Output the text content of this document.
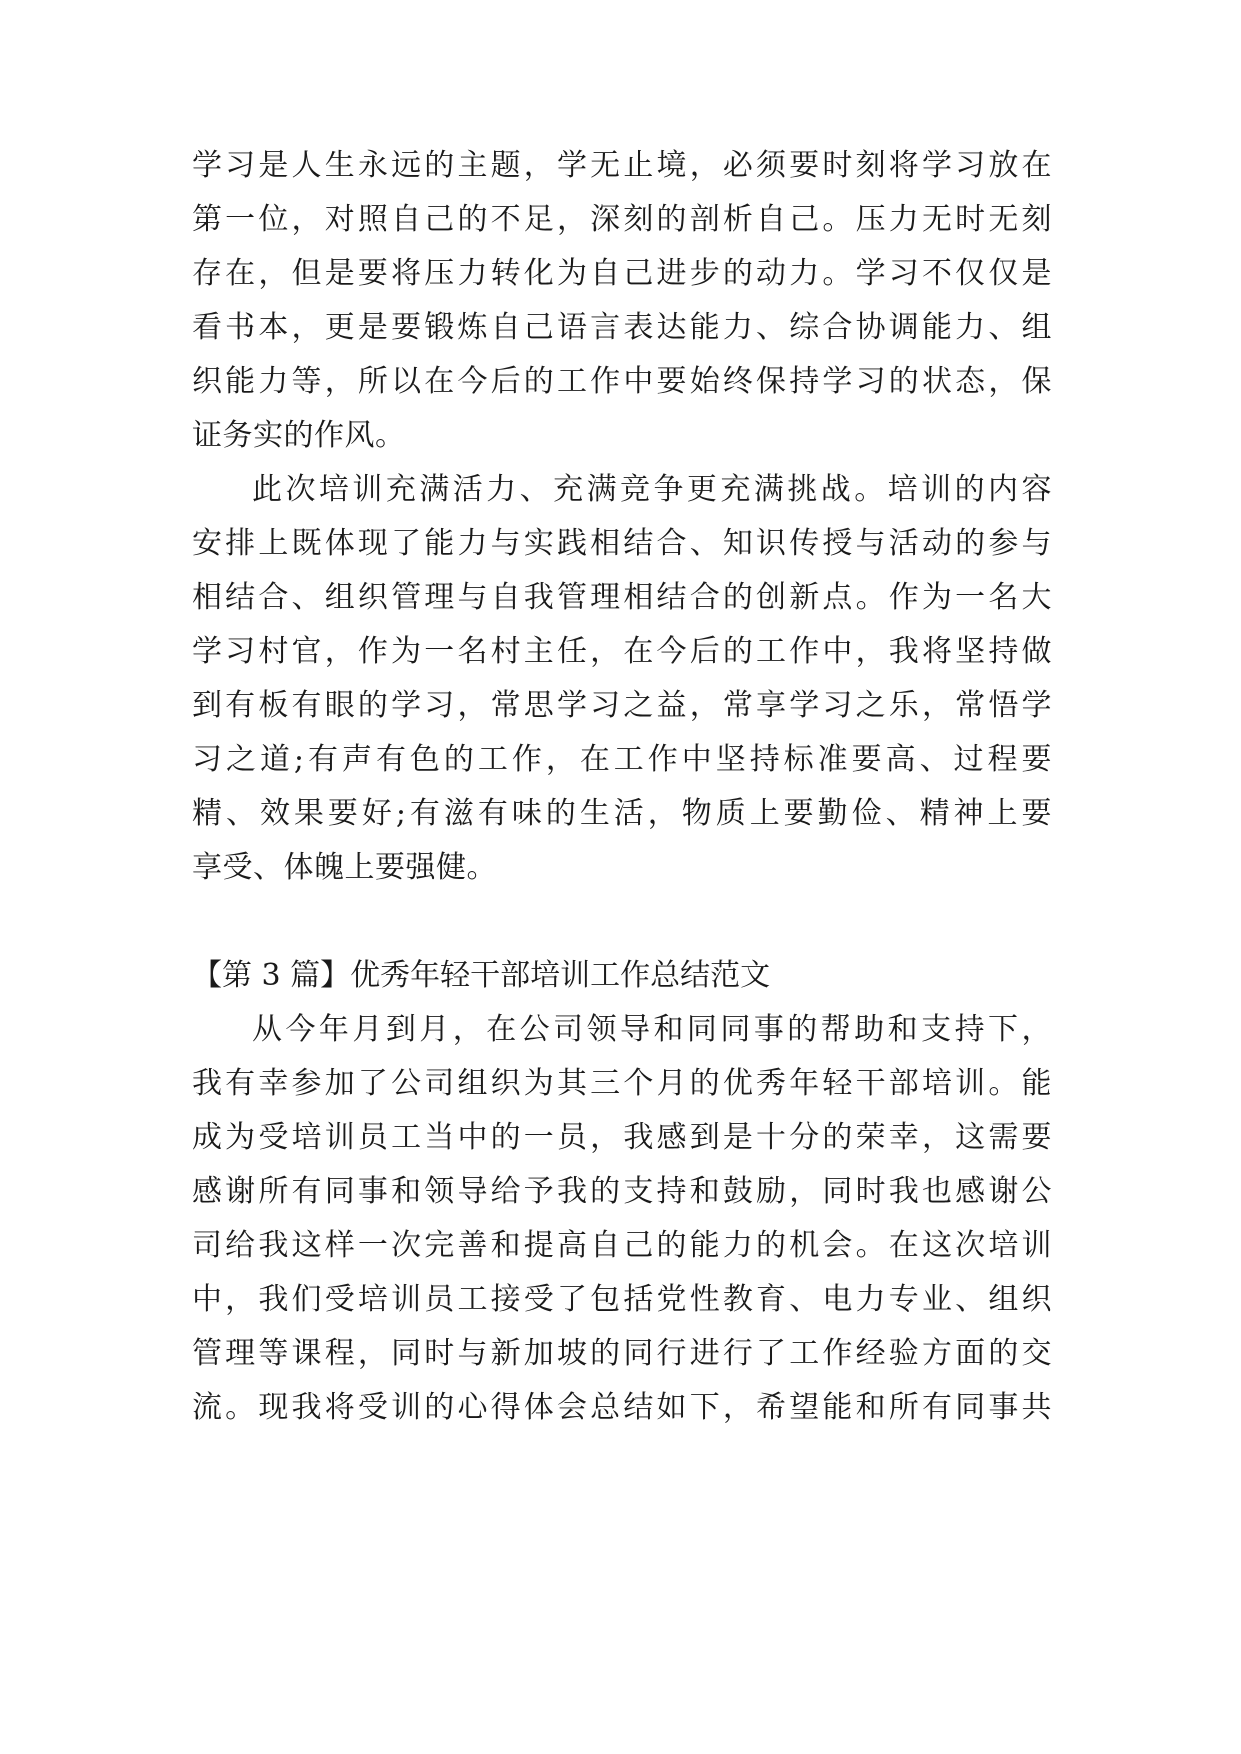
学习是人生永远的主题，学无止境，必须要时刻将学习放在
第一位，对照自己的不足，深刻的剖析自己。压力无时无刻
存在，但是要将压力转化为自己进步的动力。学习不仅仅是
看书本，更是要锻炼自己语言表达能力、综合协调能力、组
织能力等，所以在今后的工作中要始终保持学习的状态，保
证务实的作风。
此次培训充满活力、充满竞争更充满挑战。培训的内容
安排上既体现了能力与实践相结合、知识传授与活动的参与
相结合、组织管理与自我管理相结合的创新点。作为一名大
学习村官，作为一名村主任，在今后的工作中，我将坚持做
到有板有眼的学习，常思学习之益，常享学习之乐，常悟学
习之道;有声有色的工作，在工作中坚持标准要高、过程要
精、效果要好;有滋有味的生活，物质上要勤俭、精神上要
享受、体魄上要强健。
【第 3 篇】优秀年轻干部培训工作总结范文
从今年月到月，在公司领导和同同事的帮助和支持下，
我有幸参加了公司组织为其三个月的优秀年轻干部培训。能
成为受培训员工当中的一员，我感到是十分的荣幸，这需要
感谢所有同事和领导给予我的支持和鼓励，同时我也感谢公
司给我这样一次完善和提高自己的能力的机会。在这次培训
中，我们受培训员工接受了包括党性教育、电力专业、组织
管理等课程，同时与新加坡的同行进行了工作经验方面的交
流。现我将受训的心得体会总结如下，希望能和所有同事共
